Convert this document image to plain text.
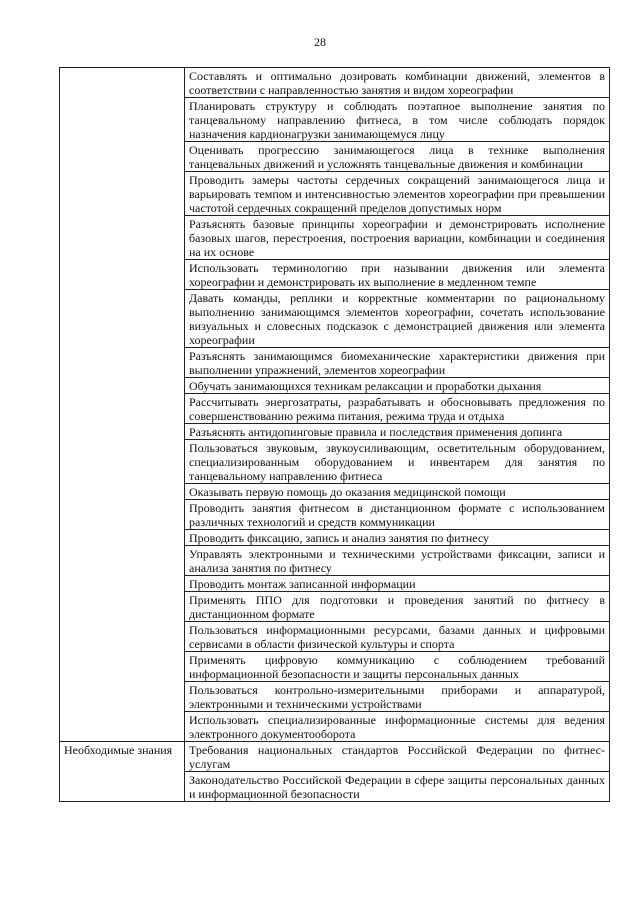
28
	Составлять и оптимально дозировать комбинации движений, элементов в соответствии с направленностью занятия и видом хореографии
	Планировать структуру и соблюдать поэтапное выполнение занятия по танцевальному направлению фитнеса, в том числе соблюдать порядок назначения кардионагрузки занимающемуся лицу
	Оценивать прогрессию занимающегося лица в технике выполнения танцевальных движений и усложнять танцевальные движения и комбинации
	Проводить замеры частоты сердечных сокращений занимающегося лица и варьировать темпом и интенсивностью элементов хореографии при превышении частотой сердечных сокращений пределов допустимых норм
	Разъяснять базовые принципы хореографии и демонстрировать исполнение базовых шагов, перестроения, построения вариации, комбинации и соединения на их основе
	Использовать терминологию при назывании движения или элемента хореографии и демонстрировать их выполнение в медленном темпе
	Давать команды, реплики и корректные комментарии по рациональному выполнению занимающимся элементов хореографии, сочетать использование визуальных и словесных подсказок с демонстрацией движения или элемента хореографии
	Разъяснять занимающимся биомеханические характеристики движения при выполнении упражнений, элементов хореографии
	Обучать занимающихся техникам релаксации и проработки дыхания
	Рассчитывать энергозатраты, разрабатывать и обосновывать предложения по совершенствованию режима питания, режима труда и отдыха
	Разъяснять антидопинговые правила и последствия применения допинга
	Пользоваться звуковым, звукоусиливающим, осветительным оборудованием, специализированным оборудованием и инвентарем для занятия по танцевальному направлению фитнеса
	Оказывать первую помощь до оказания медицинской помощи
	Проводить занятия фитнесом в дистанционном формате с использованием различных технологий и средств коммуникации
	Проводить фиксацию, запись и анализ занятия по фитнесу
	Управлять электронными и техническими устройствами фиксации, записи и анализа занятия по фитнесу
	Проводить монтаж записанной информации
	Применять ППО для подготовки и проведения занятий по фитнесу в дистанционном формате
	Пользоваться информационными ресурсами, базами данных и цифровыми сервисами в области физической культуры и спорта
	Применять цифровую коммуникацию с соблюдением требований информационной безопасности и защиты персональных данных
	Пользоваться контрольно-измерительными приборами и аппаратурой, электронными и техническими устройствами
	Использовать специализированные информационные системы для ведения электронного документооборота
Необходимые знания	Требования национальных стандартов Российской Федерации по фитнес-услугам
	Законодательство Российской Федерации в сфере защиты персональных данных и информационной безопасности
